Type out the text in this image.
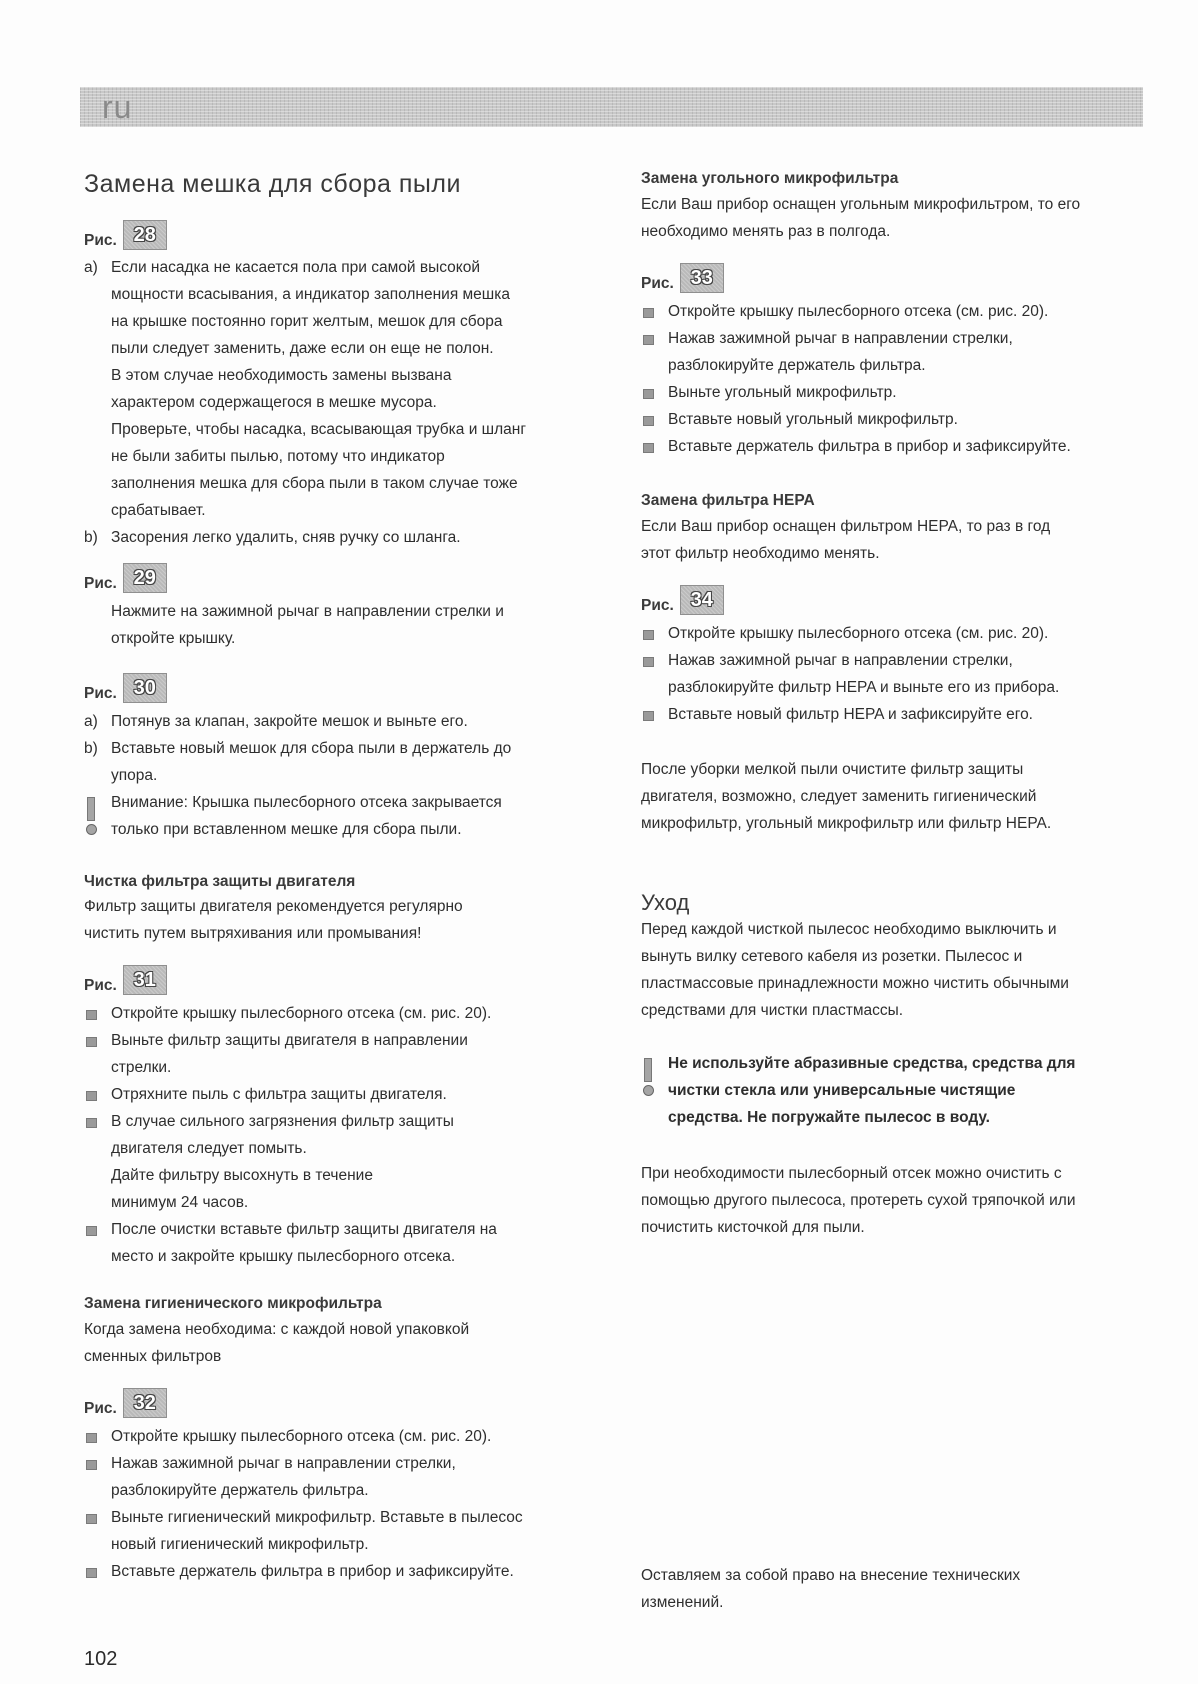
ru
Замена мешка для сбора пыли
Рис. 28
a) Если насадка не касается пола при самой высокой
мощности всасывания, а индикатор заполнения мешка
на крышке постоянно горит желтым, мешок для сбора
пыли следует заменить, даже если он еще не полон.
В этом случае необходимость замены вызвана
характером содержащегося в мешке мусора.
Проверьте, чтобы насадка, всасывающая трубка и шланг
не были забиты пылью, потому что индикатор
заполнения мешка для сбора пыли в таком случае тоже
срабатывает.
b) Засорения легко удалить, сняв ручку со шланга.
Рис. 29
Нажмите на зажимной рычаг в направлении стрелки и
откройте крышку.
Рис. 30
a) Потянув за клапан, закройте мешок и выньте его.
b) Вставьте новый мешок для сбора пыли в держатель до
упора.
Внимание: Крышка пылесборного отсека закрывается
только при вставленном мешке для сбора пыли.
Чистка фильтра защиты двигателя
Фильтр защиты двигателя рекомендуется регулярно
чистить путем вытряхивания или промывания!
Рис. 31
Откройте крышку пылесборного отсека (см. рис. 20).
Выньте фильтр защиты двигателя в направлении
стрелки.
Отряхните пыль с фильтра защиты двигателя.
В случае сильного загрязнения фильтр защиты
двигателя следует помыть.
Дайте фильтру высохнуть в течение
минимум 24 часов.
После очистки вставьте фильтр защиты двигателя на
место и закройте крышку пылесборного отсека.
Замена гигиенического микрофильтра
Когда замена необходима: с каждой новой упаковкой
сменных фильтров
Рис. 32
Откройте крышку пылесборного отсека (см. рис. 20).
Нажав зажимной рычаг в направлении стрелки,
разблокируйте держатель фильтра.
Выньте гигиенический микрофильтр. Вставьте в пылесос
новый гигиенический микрофильтр.
Вставьте держатель фильтра в прибор и зафиксируйте.
Замена угольного микрофильтра
Если Ваш прибор оснащен угольным микрофильтром, то его
необходимо менять раз в полгода.
Рис. 33
Откройте крышку пылесборного отсека (см. рис. 20).
Нажав зажимной рычаг в направлении стрелки,
разблокируйте держатель фильтра.
Выньте угольный микрофильтр.
Вставьте новый угольный микрофильтр.
Вставьте держатель фильтра в прибор и зафиксируйте.
Замена фильтра HEPA
Если Ваш прибор оснащен фильтром HEPA, то раз в год
этот фильтр необходимо менять.
Рис. 34
Откройте крышку пылесборного отсека (см. рис. 20).
Нажав зажимной рычаг в направлении стрелки,
разблокируйте фильтр HEPA и выньте его из прибора.
Вставьте новый фильтр HEPA и зафиксируйте его.
После уборки мелкой пыли очистите фильтр защиты
двигателя, возможно, следует заменить гигиенический
микрофильтр, угольный микрофильтр или фильтр HEPA.
Уход
Перед каждой чисткой пылесос необходимо выключить и
вынуть вилку сетевого кабеля из розетки. Пылесос и
пластмассовые принадлежности можно чистить обычными
средствами для чистки пластмассы.
Не используйте абразивные средства, средства для
чистки стекла или универсальные чистящие
средства. Не погружайте пылесос в воду.
При необходимости пылесборный отсек можно очистить с
помощью другого пылесоса, протереть сухой тряпочкой или
почистить кисточкой для пыли.
Оставляем за собой право на внесение технических
изменений.
102
